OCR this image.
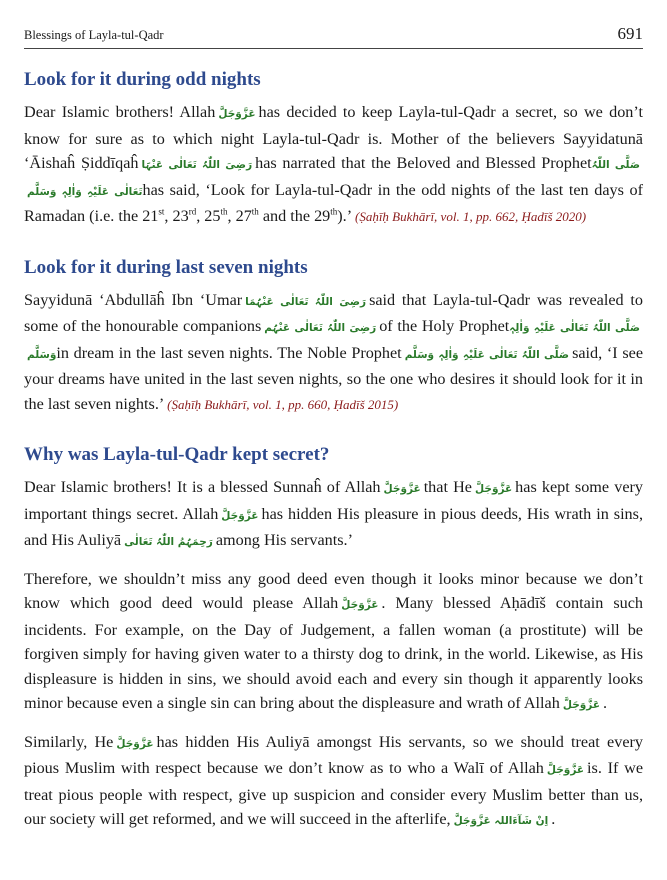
Blessings of Layla-tul-Qadr	691
Look for it during odd nights

Dear Islamic brothers! Allah عَزَّوَجَلَّ has decided to keep Layla-tul-Qadr a secret, so we don’t know for sure as to which night Layla-tul-Qadr is. Mother of the believers Sayyidatunā ‘Āishaĥ Ṣiddīqaĥ رَضِیَ اللّٰہُ تَعَالٰی عَنْہَا has narrated that the Beloved and Blessed Prophetصَلَّی اللّٰہُ تَعَالٰی عَلَیْہِ وَاٰلِہٖ وَسَلَّمhas said, ‘Look for Layla-tul-Qadr in the odd nights of the last ten days of Ramadan (i.e. the 21st, 23rd, 25th, 27th and the 29th).’ (Ṣaḥīḥ Bukhārī, vol. 1, pp. 662, Ḥadīš 2020)

Look for it during last seven nights

Sayyidunā ‘Abdullāĥ Ibn ‘Umar رَضِیَ اللّٰہُ تَعَالٰی عَنْہُمَا said that Layla-tul-Qadr was revealed to some of the honourable companions رَضِیَ اللّٰہُ تَعَالٰی عَنْہُم of the Holy Prophetصَلَّی اللّٰہُ تَعَالٰی عَلَیْہِ وَاٰلِہٖ وَسَلَّمin dream in the last seven nights. The Noble Prophet صَلَّی اللّٰہُ تَعَالٰی عَلَیْہِ وَاٰلِہٖ وَسَلَّم said, ‘I see your dreams have united in the last seven nights, so the one who desires it should look for it in the last seven nights.’ (Ṣaḥīḥ Bukhārī, vol. 1, pp. 660, Ḥadīš 2015)

Why was Layla-tul-Qadr kept secret?

Dear Islamic brothers! It is a blessed Sunnaĥ of Allah عَزَّوَجَلَّ that He عَزَّوَجَلَّ has kept some very important things secret. Allah عَزَّوَجَلَّ has hidden His pleasure in pious deeds, His wrath in sins, and His Auliyā رَحِمَہُمُ اللّٰہُ تَعَالٰی among His servants.’

Therefore, we shouldn’t miss any good deed even though it looks minor because we don’t know which good deed would please Allah عَزَّوَجَلَّ . Many blessed Aḥādīš contain such incidents. For example, on the Day of Judgement, a fallen woman (a prostitute) will be forgiven simply for having given water to a thirsty dog to drink, in the world. Likewise, as His displeasure is hidden in sins, we should avoid each and every sin though it apparently looks minor because even a single sin can bring about the displeasure and wrath of Allah عَزَّوَجَلَّ .

Similarly, He عَزَّوَجَلَّ has hidden His Auliyā amongst His servants, so we should treat every pious Muslim with respect because we don’t know as to who a Walī of Allah عَزَّوَجَلَّ is. If we treat pious people with respect, give up suspicion and consider every Muslim better than us, our society will get reformed, and we will succeed in the afterlife, اِنْ شَآءَاللہ عَزَّوَجَلَّ .
